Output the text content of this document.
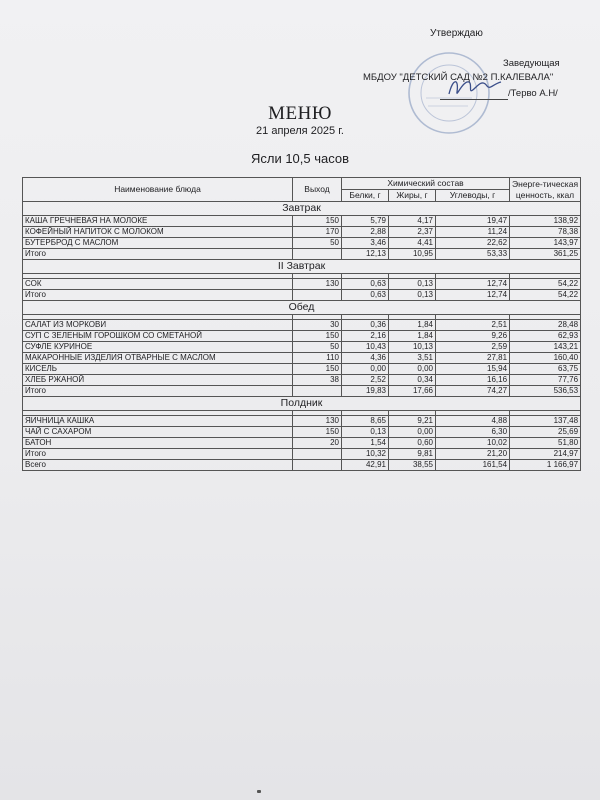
Утверждаю
Заведующая
МБДОУ "ДЕТСКИЙ САД №2 П.КАЛЕВАЛА"
/Терво А.Н/
МЕНЮ
21 апреля 2025 г.
Ясли 10,5 часов
Наименование блюда	Выход	Химический состав			Энерге-тическая ценность, ккал
		Белки, г	Жиры, г	Углеводы, г	
Завтрак					
КАША ГРЕЧНЕВАЯ НА МОЛОКЕ	150	5,79	4,17	19,47	138,92
КОФЕЙНЫЙ НАПИТОК С МОЛОКОМ	170	2,88	2,37	11,24	78,38
БУТЕРБРОД С МАСЛОМ	50	3,46	4,41	22,62	143,97
Итого		12,13	10,95	53,33	361,25
II Завтрак					

СОК	130	0,63	0,13	12,74	54,22
Итого		0,63	0,13	12,74	54,22
Обед					

САЛАТ ИЗ МОРКОВИ	30	0,36	1,84	2,51	28,48
СУП С ЗЕЛЕНЫМ ГОРОШКОМ СО СМЕТАНОЙ	150	2,16	1,84	9,26	62,93
СУФЛЕ КУРИНОЕ	50	10,43	10,13	2,59	143,21
МАКАРОННЫЕ ИЗДЕЛИЯ ОТВАРНЫЕ С МАСЛОМ	110	4,36	3,51	27,81	160,40
КИСЕЛЬ	150	0,00	0,00	15,94	63,75
ХЛЕБ РЖАНОЙ	38	2,52	0,34	16,16	77,76
Итого		19,83	17,66	74,27	536,53
Полдник					

ЯИЧНИЦА КАШКА	130	8,65	9,21	4,88	137,48
ЧАЙ С САХАРОМ	150	0,13	0,00	6,30	25,69
БАТОН	20	1,54	0,60	10,02	51,80
Итого		10,32	9,81	21,20	214,97
Всего		42,91	38,55	161,54	1 166,97
